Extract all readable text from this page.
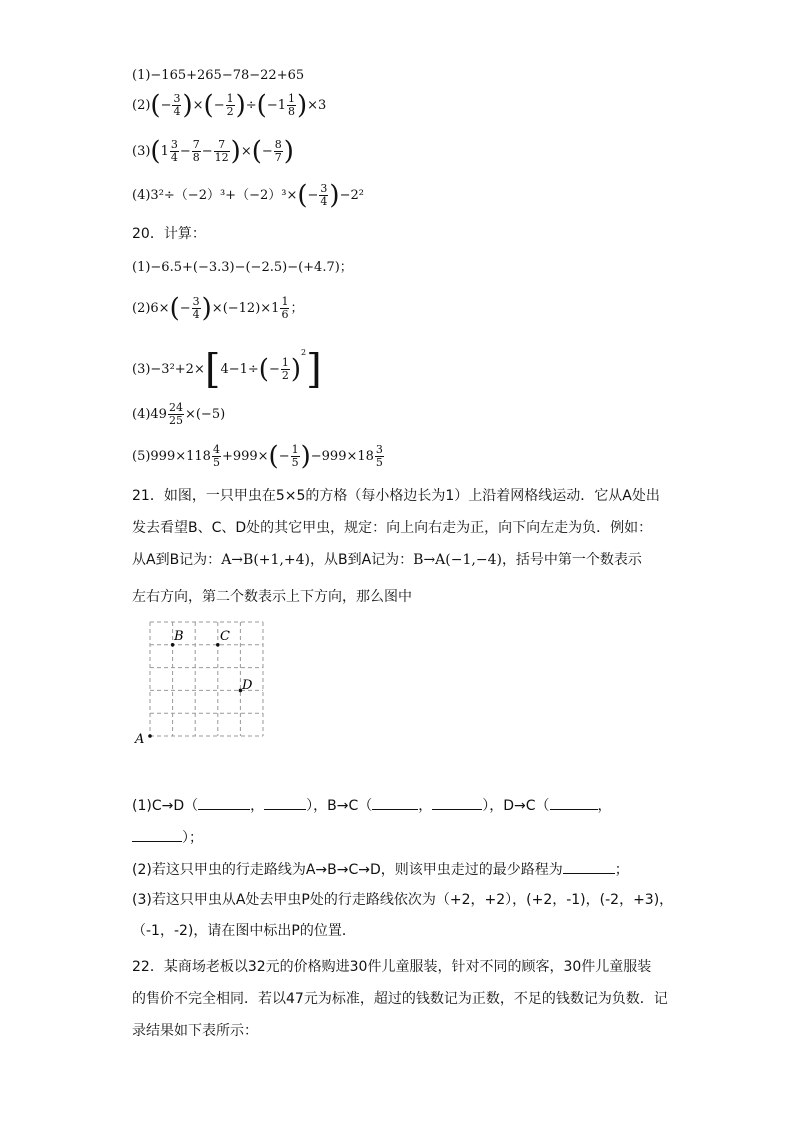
(1)−165+265−78−22+65
$(2)(- \frac{3}{4}$ )×(− $\frac{1}{2} )\div(-1 \frac{1}{8} )\times 3$
$(3)(1 \frac{3}{4} - \frac{7}{8} - \frac{7}{12}$ )×(− $\frac{8}{7}$ )
$(4)3^2\div(-2)^3+(-2)^3\times(- \frac{3}{4} )-2^2$
20．计算：
(1)−6.5+(−3.3)−(−2.5)−(+4.7)；
$(2)6\times(- \frac{3}{4} )\times(-12)\times 1 \frac{1}{6}$ ；
$(3)-3^2+2\times[4-1\div(- \frac{1}{2} )^2]$
$(4)49 \frac{24}{25} \times(-5)$
$(5)999\times 118 \frac{4}{5} +999\times(- \frac{1}{5} )-999\times 18 \frac{3}{5}$
21．如图，一只甲虫在5×5的方格（每小格边长为1）上沿着网格线运动．它从A处出
发去看望B、C、D处的其它甲虫，规定：向上向右走为正，向下向左走为负．例如：
从A到B记为：A→B(+1,+4)，从B到A记为：B→A(−1,−4)，括号中第一个数表示
左右方向，第二个数表示上下方向，那么图中
A
B	C
D
(1)C→D（	，	），B→C（	，	），D→C（	，
）；
(2)若这只甲虫的行走路线为A→B→C→D，则该甲虫走过的最少路程为	；
(3)若这只甲虫从A处去甲虫P处的行走路线依次为（+2，+2），(+2，-1)，(-2，+3)，
（-1，-2)，请在图中标出P的位置．
22．某商场老板以32元的价格购进30件儿童服装，针对不同的顾客，30件儿童服装
的售价不完全相同．若以47元为标准，超过的钱数记为正数，不足的钱数记为负数．记
录结果如下表所示：
